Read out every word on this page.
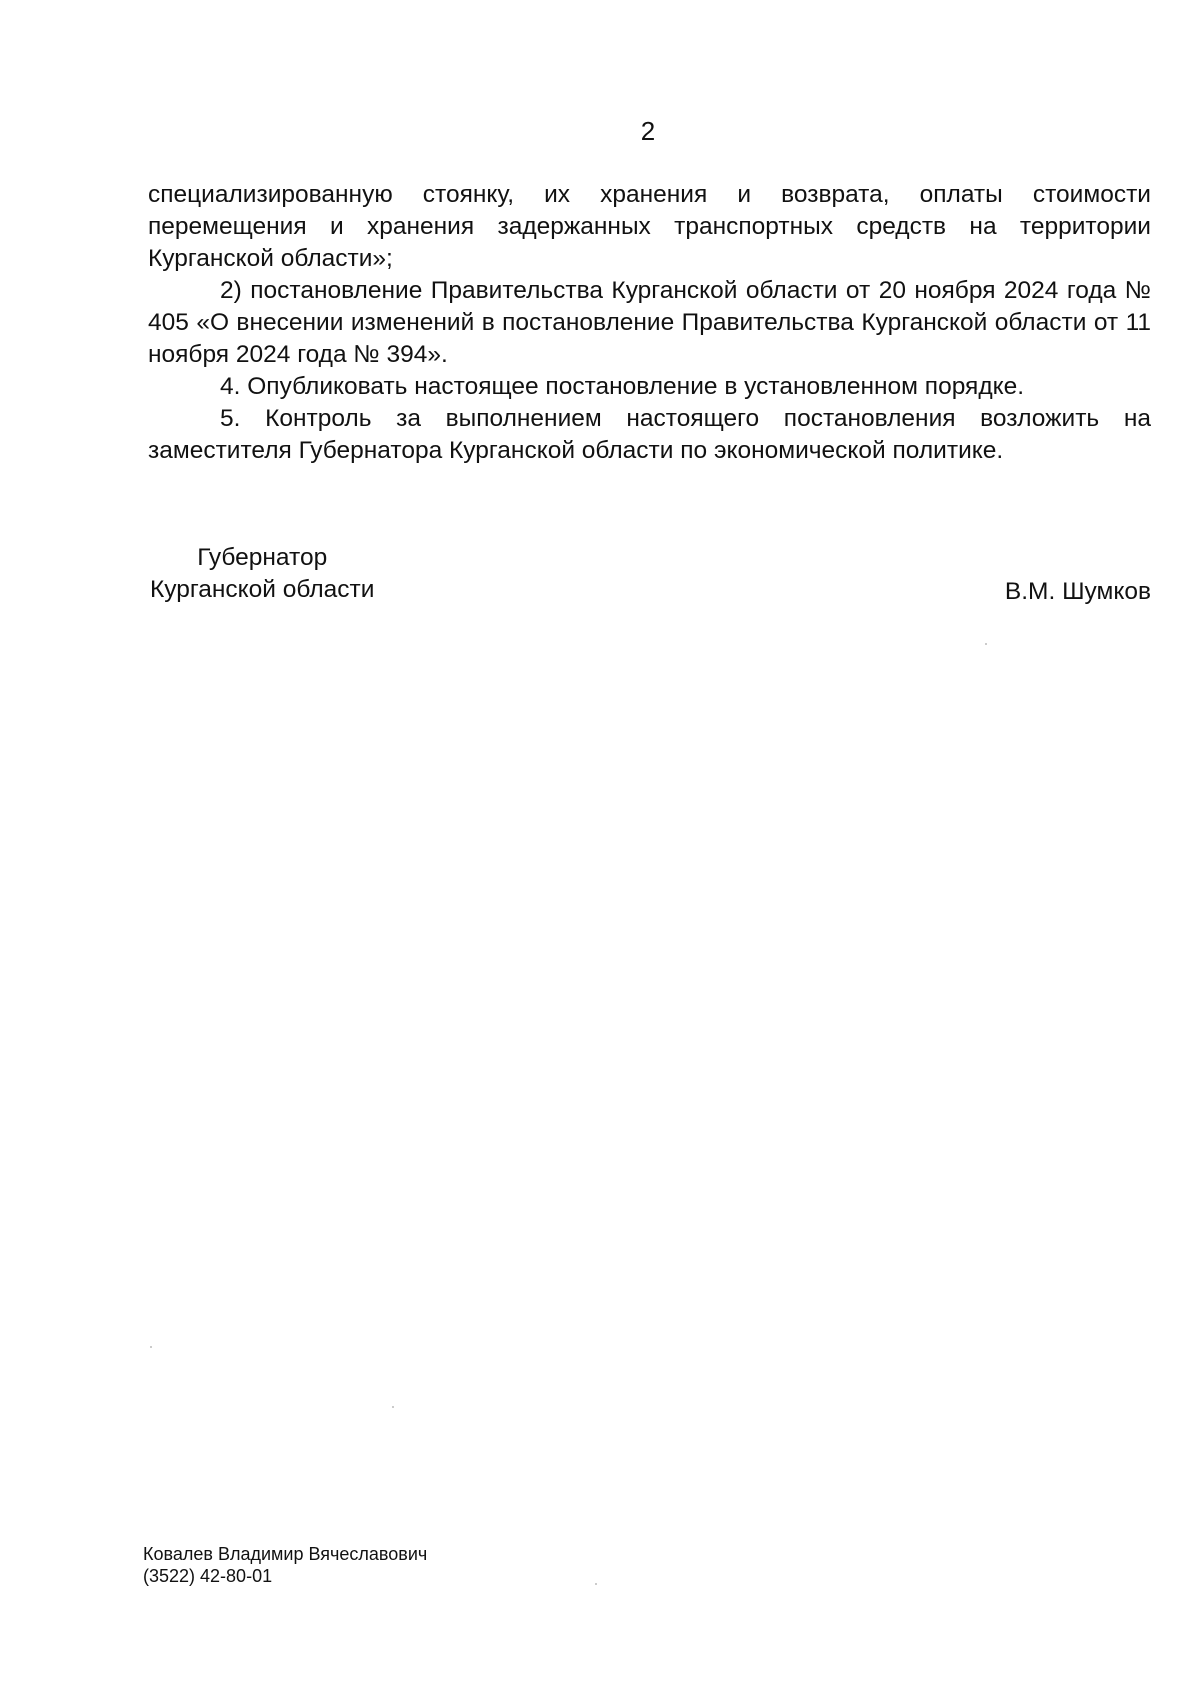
2

специализированную стоянку, их хранения и возврата, оплаты стоимости перемещения и хранения задержанных транспортных средств на территории Курганской области»;

2) постановление Правительства Курганской области от 20 ноября 2024 года № 405 «О внесении изменений в постановление Правительства Курганской области от 11 ноября 2024 года № 394».

4. Опубликовать настоящее постановление в установленном порядке.

5. Контроль за выполнением настоящего постановления возложить на заместителя Губернатора Курганской области по экономической политике.

Губернатор
Курганской области	В.М. Шумков
Ковалев Владимир Вячеславович
(3522) 42-80-01
